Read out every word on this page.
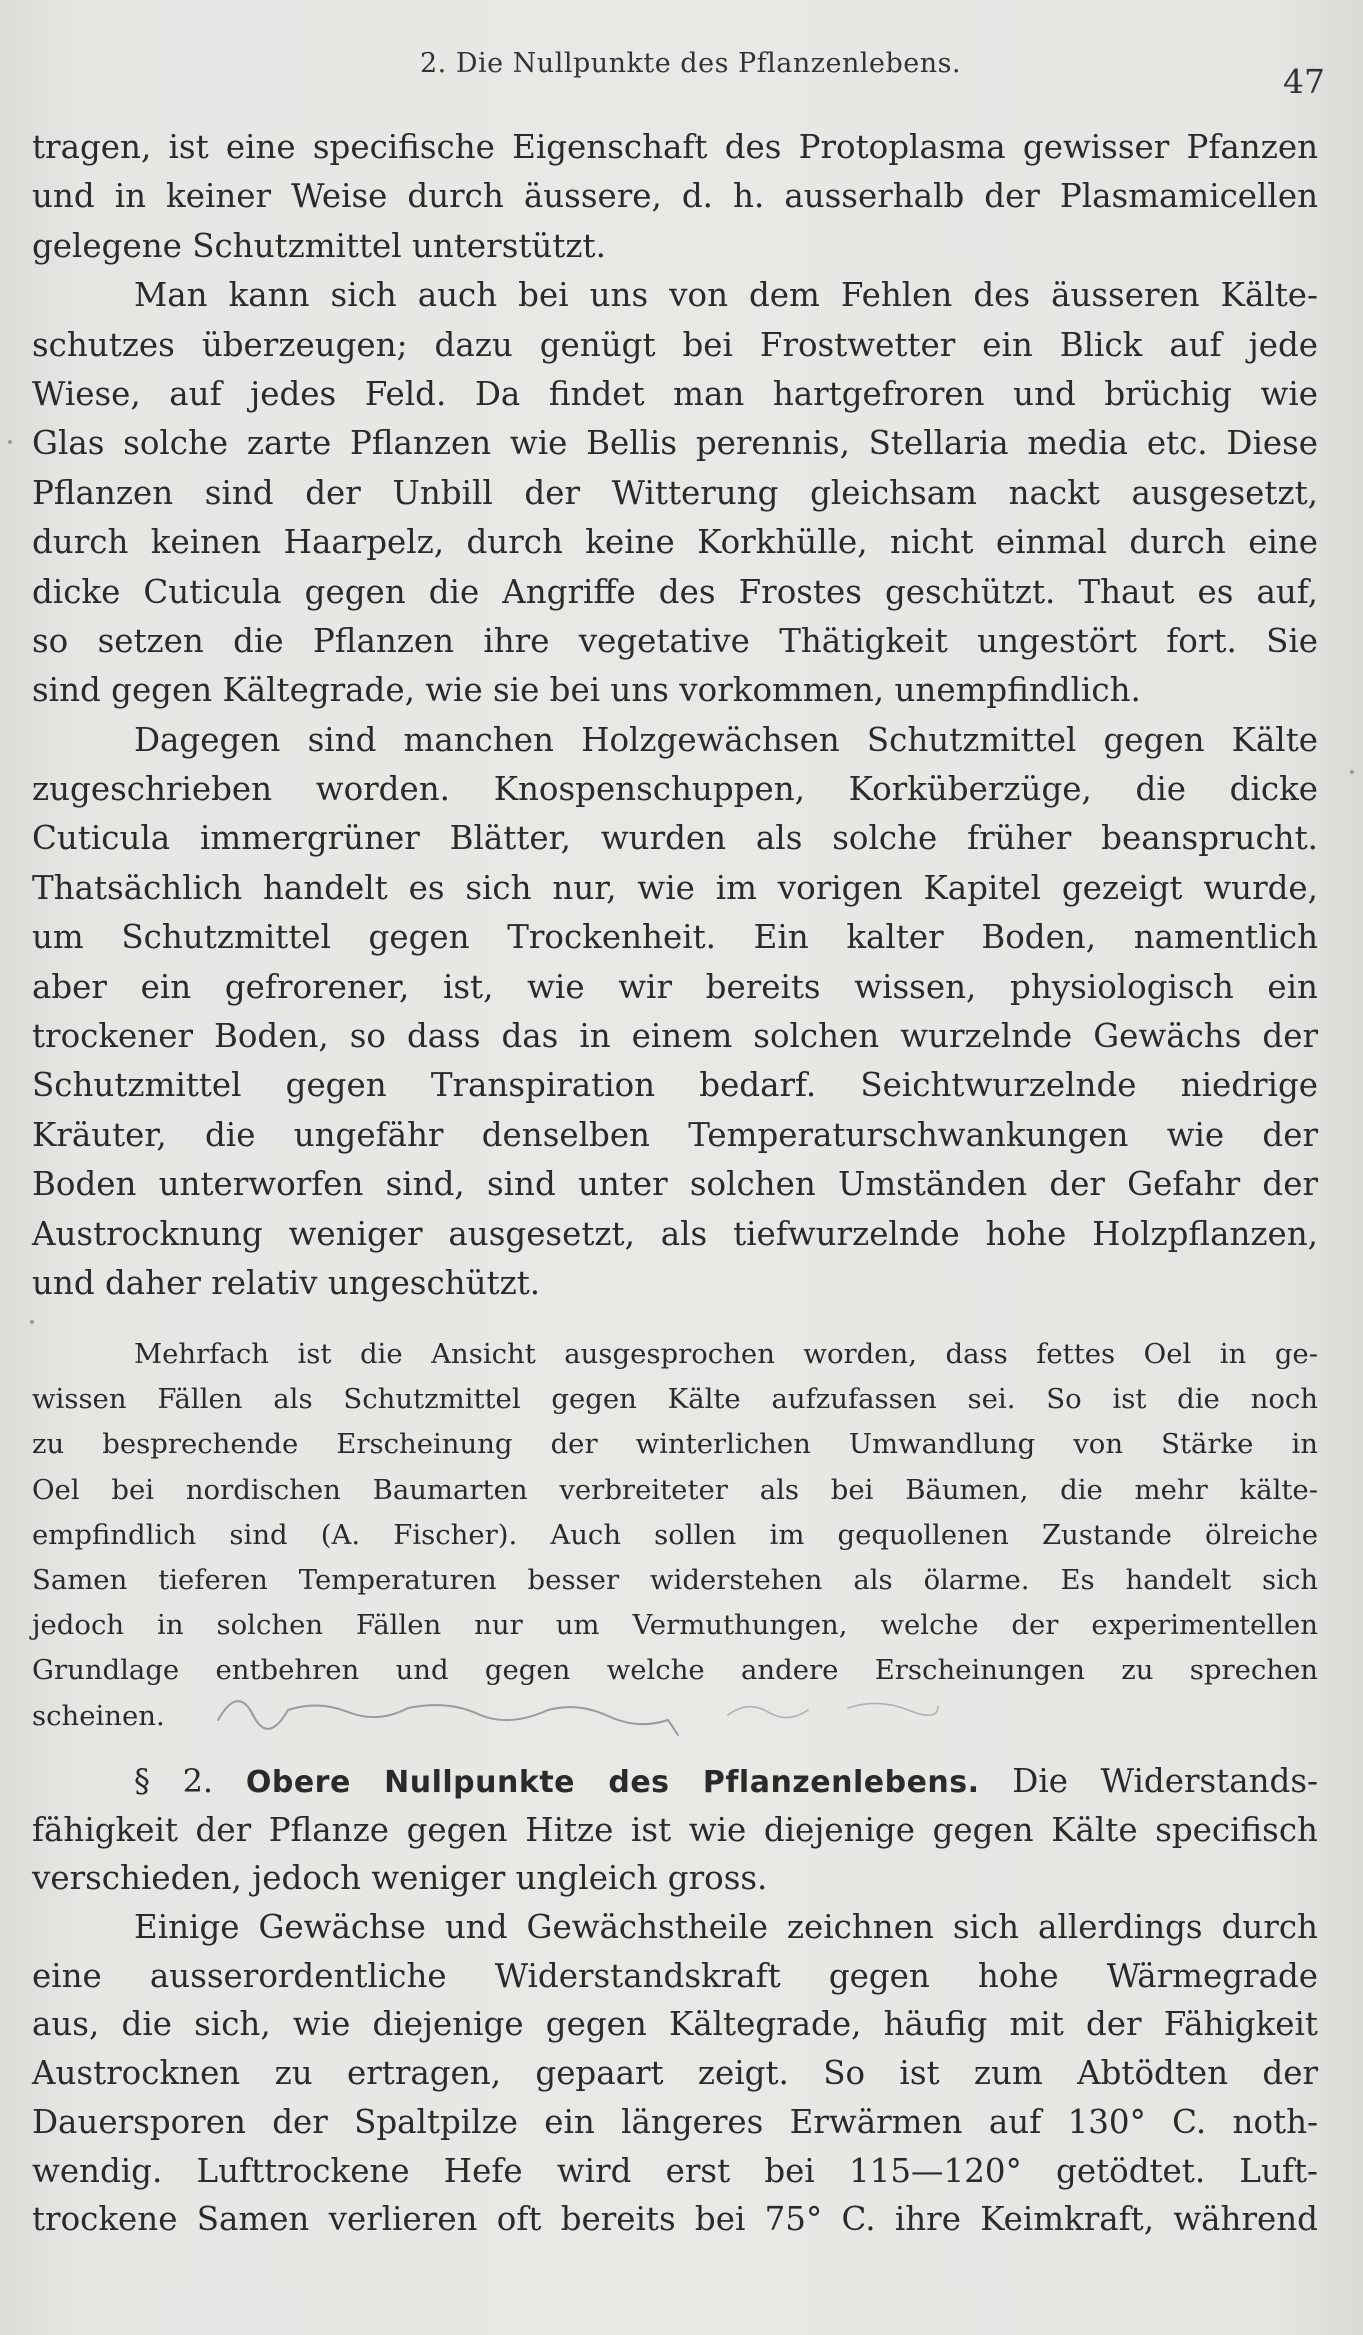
2. Die Nullpunkte des Pflanzenlebens.	47
tragen, ist eine specifische Eigenschaft des Protoplasma gewisser Pfanzen
und in keiner Weise durch äussere, d. h. ausserhalb der Plasmamicellen
gelegene Schutzmittel unterstützt.
Man kann sich auch bei uns von dem Fehlen des äusseren Kälte-
schutzes überzeugen; dazu genügt bei Frostwetter ein Blick auf jede
Wiese, auf jedes Feld. Da findet man hartgefroren und brüchig wie
Glas solche zarte Pflanzen wie Bellis perennis, Stellaria media etc. Diese
Pflanzen sind der Unbill der Witterung gleichsam nackt ausgesetzt,
durch keinen Haarpelz, durch keine Korkhülle, nicht einmal durch eine
dicke Cuticula gegen die Angriffe des Frostes geschützt. Thaut es auf,
so setzen die Pflanzen ihre vegetative Thätigkeit ungestört fort. Sie
sind gegen Kältegrade, wie sie bei uns vorkommen, unempfindlich.
Dagegen sind manchen Holzgewächsen Schutzmittel gegen Kälte
zugeschrieben worden. Knospenschuppen, Korküberzüge, die dicke
Cuticula immergrüner Blätter, wurden als solche früher beansprucht.
Thatsächlich handelt es sich nur, wie im vorigen Kapitel gezeigt wurde,
um Schutzmittel gegen Trockenheit. Ein kalter Boden, namentlich
aber ein gefrorener, ist, wie wir bereits wissen, physiologisch ein
trockener Boden, so dass das in einem solchen wurzelnde Gewächs der
Schutzmittel gegen Transpiration bedarf. Seichtwurzelnde niedrige
Kräuter, die ungefähr denselben Temperaturschwankungen wie der
Boden unterworfen sind, sind unter solchen Umständen der Gefahr der
Austrocknung weniger ausgesetzt, als tiefwurzelnde hohe Holzpflanzen,
und daher relativ ungeschützt.
Mehrfach ist die Ansicht ausgesprochen worden, dass fettes Oel in ge-
wissen Fällen als Schutzmittel gegen Kälte aufzufassen sei. So ist die noch
zu besprechende Erscheinung der winterlichen Umwandlung von Stärke in
Oel bei nordischen Baumarten verbreiteter als bei Bäumen, die mehr kälte-
empfindlich sind (A. Fischer). Auch sollen im gequollenen Zustande ölreiche
Samen tieferen Temperaturen besser widerstehen als ölarme. Es handelt sich
jedoch in solchen Fällen nur um Vermuthungen, welche der experimentellen
Grundlage entbehren und gegen welche andere Erscheinungen zu sprechen
scheinen.
§ 2. Obere Nullpunkte des Pflanzenlebens. Die Widerstands-
fähigkeit der Pflanze gegen Hitze ist wie diejenige gegen Kälte specifisch
verschieden, jedoch weniger ungleich gross.
Einige Gewächse und Gewächstheile zeichnen sich allerdings durch
eine ausserordentliche Widerstandskraft gegen hohe Wärmegrade
aus, die sich, wie diejenige gegen Kältegrade, häufig mit der Fähigkeit
Austrocknen zu ertragen, gepaart zeigt. So ist zum Abtödten der
Dauersporen der Spaltpilze ein längeres Erwärmen auf 130° C. noth-
wendig. Lufttrockene Hefe wird erst bei 115—120° getödtet. Luft-
trockene Samen verlieren oft bereits bei 75° C. ihre Keimkraft, während
